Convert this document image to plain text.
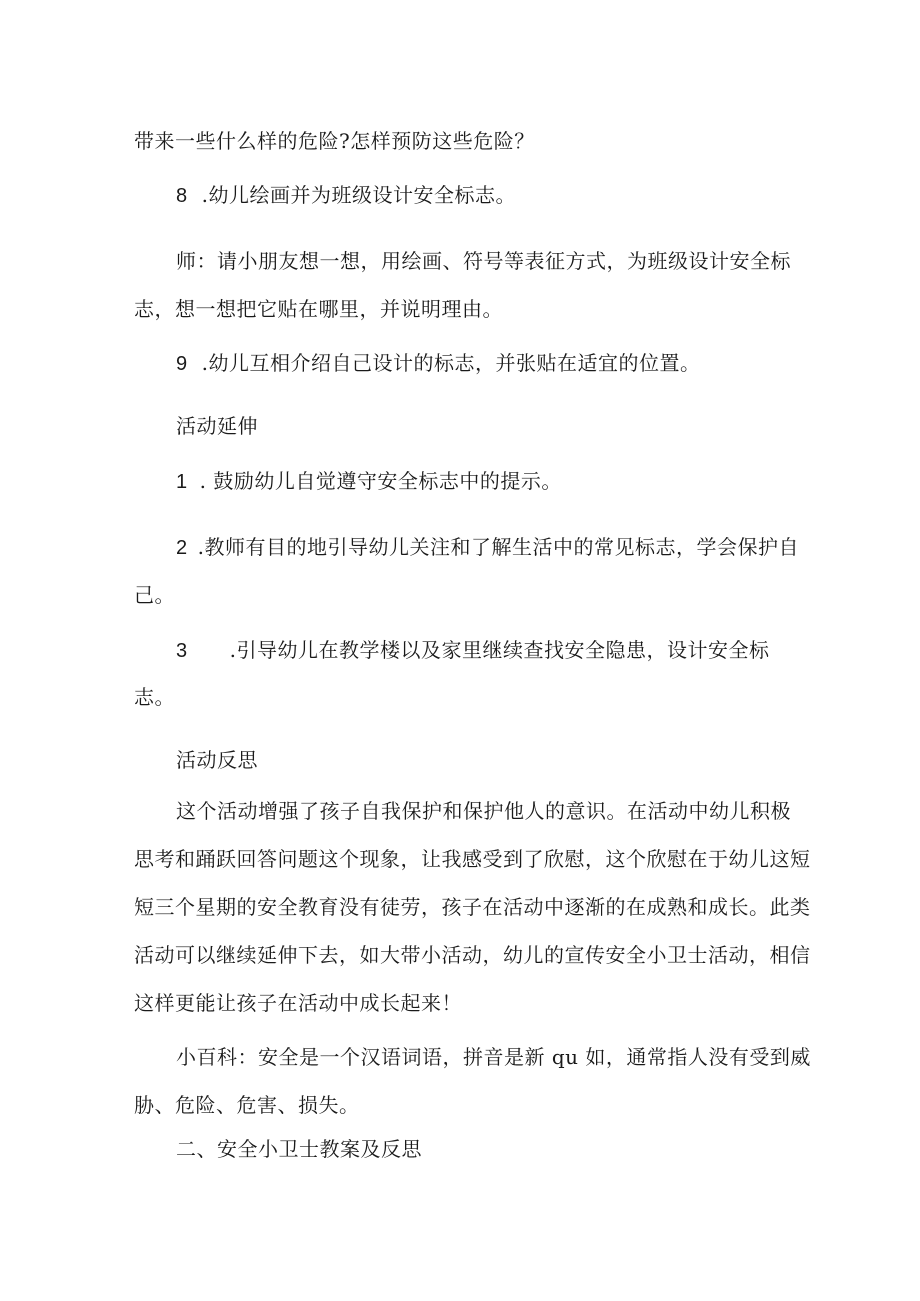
带来一些什么样的危险?怎样预防这些危险？
8 .幼儿绘画并为班级设计安全标志。
师：请小朋友想一想，用绘画、符号等表征方式，为班级设计安全标
志，想一想把它贴在哪里，并说明理由。
9 .幼儿互相介绍自己设计的标志，并张贴在适宜的位置。
活动延伸
1 . 鼓励幼儿自觉遵守安全标志中的提示。
2 .教师有目的地引导幼儿关注和了解生活中的常见标志，学会保护自
己。
3 .引导幼儿在教学楼以及家里继续查找安全隐患，设计安全标
志。
活动反思
这个活动增强了孩子自我保护和保护他人的意识。在活动中幼儿积极
思考和踊跃回答问题这个现象，让我感受到了欣慰，这个欣慰在于幼儿这短
短三个星期的安全教育没有徒劳，孩子在活动中逐渐的在成熟和成长。此类
活动可以继续延伸下去，如大带小活动，幼儿的宣传安全小卫士活动，相信
这样更能让孩子在活动中成长起来！
小百科：安全是一个汉语词语，拼音是新 qu 如，通常指人没有受到威
胁、危险、危害、损失。
二、安全小卫士教案及反思
